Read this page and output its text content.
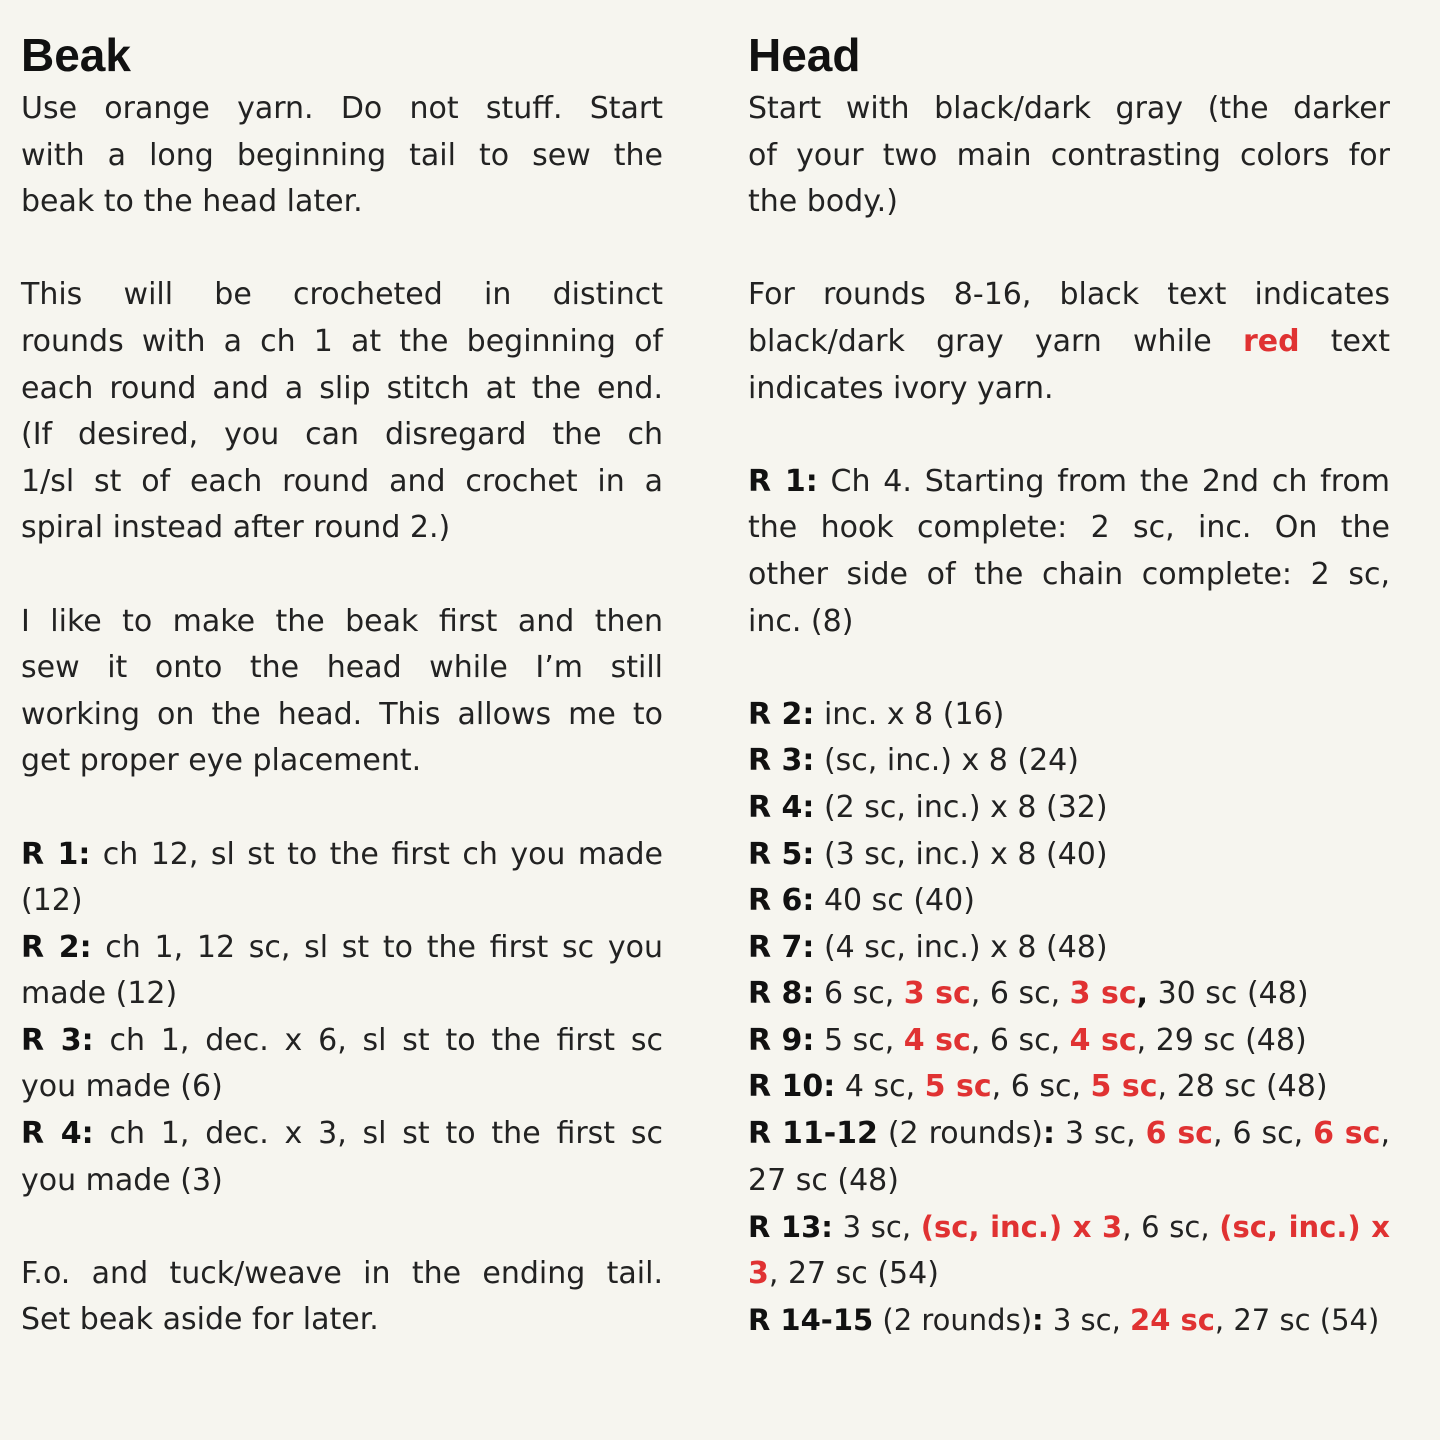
Beak
Use orange yarn. Do not stuff. Start
with a long beginning tail to sew the
beak to the head later.
This will be crocheted in distinct
rounds with a ch 1 at the beginning of
each round and a slip stitch at the end.
(If desired, you can disregard the ch
1/sl st of each round and crochet in a
spiral instead after round 2.)
I like to make the beak first and then
sew it onto the head while I’m still
working on the head. This allows me to
get proper eye placement.
R 1: ch 12, sl st to the first ch you made
(12)
R 2: ch 1, 12 sc, sl st to the first sc you
made (12)
R 3: ch 1, dec. x 6, sl st to the first sc
you made (6)
R 4: ch 1, dec. x 3, sl st to the first sc
you made (3)
F.o. and tuck/weave in the ending tail.
Set beak aside for later.
Head
Start with black/dark gray (the darker
of your two main contrasting colors for
the body.)
For rounds 8-16, black text indicates
black/dark gray yarn while red text
indicates ivory yarn.
R 1: Ch 4. Starting from the 2nd ch from
the hook complete: 2 sc, inc. On the
other side of the chain complete: 2 sc,
inc. (8)
R 2: inc. x 8 (16)
R 3: (sc, inc.) x 8 (24)
R 4: (2 sc, inc.) x 8 (32)
R 5: (3 sc, inc.) x 8 (40)
R 6: 40 sc (40)
R 7: (4 sc, inc.) x 8 (48)
R 8: 6 sc, 3 sc, 6 sc, 3 sc, 30 sc (48)
R 9: 5 sc, 4 sc, 6 sc, 4 sc, 29 sc (48)
R 10: 4 sc, 5 sc, 6 sc, 5 sc, 28 sc (48)
R 11-12 (2 rounds): 3 sc, 6 sc, 6 sc, 6 sc,
27 sc (48)
R 13: 3 sc, (sc, inc.) x 3, 6 sc, (sc, inc.) x
3, 27 sc (54)
R 14-15 (2 rounds): 3 sc, 24 sc, 27 sc (54)
